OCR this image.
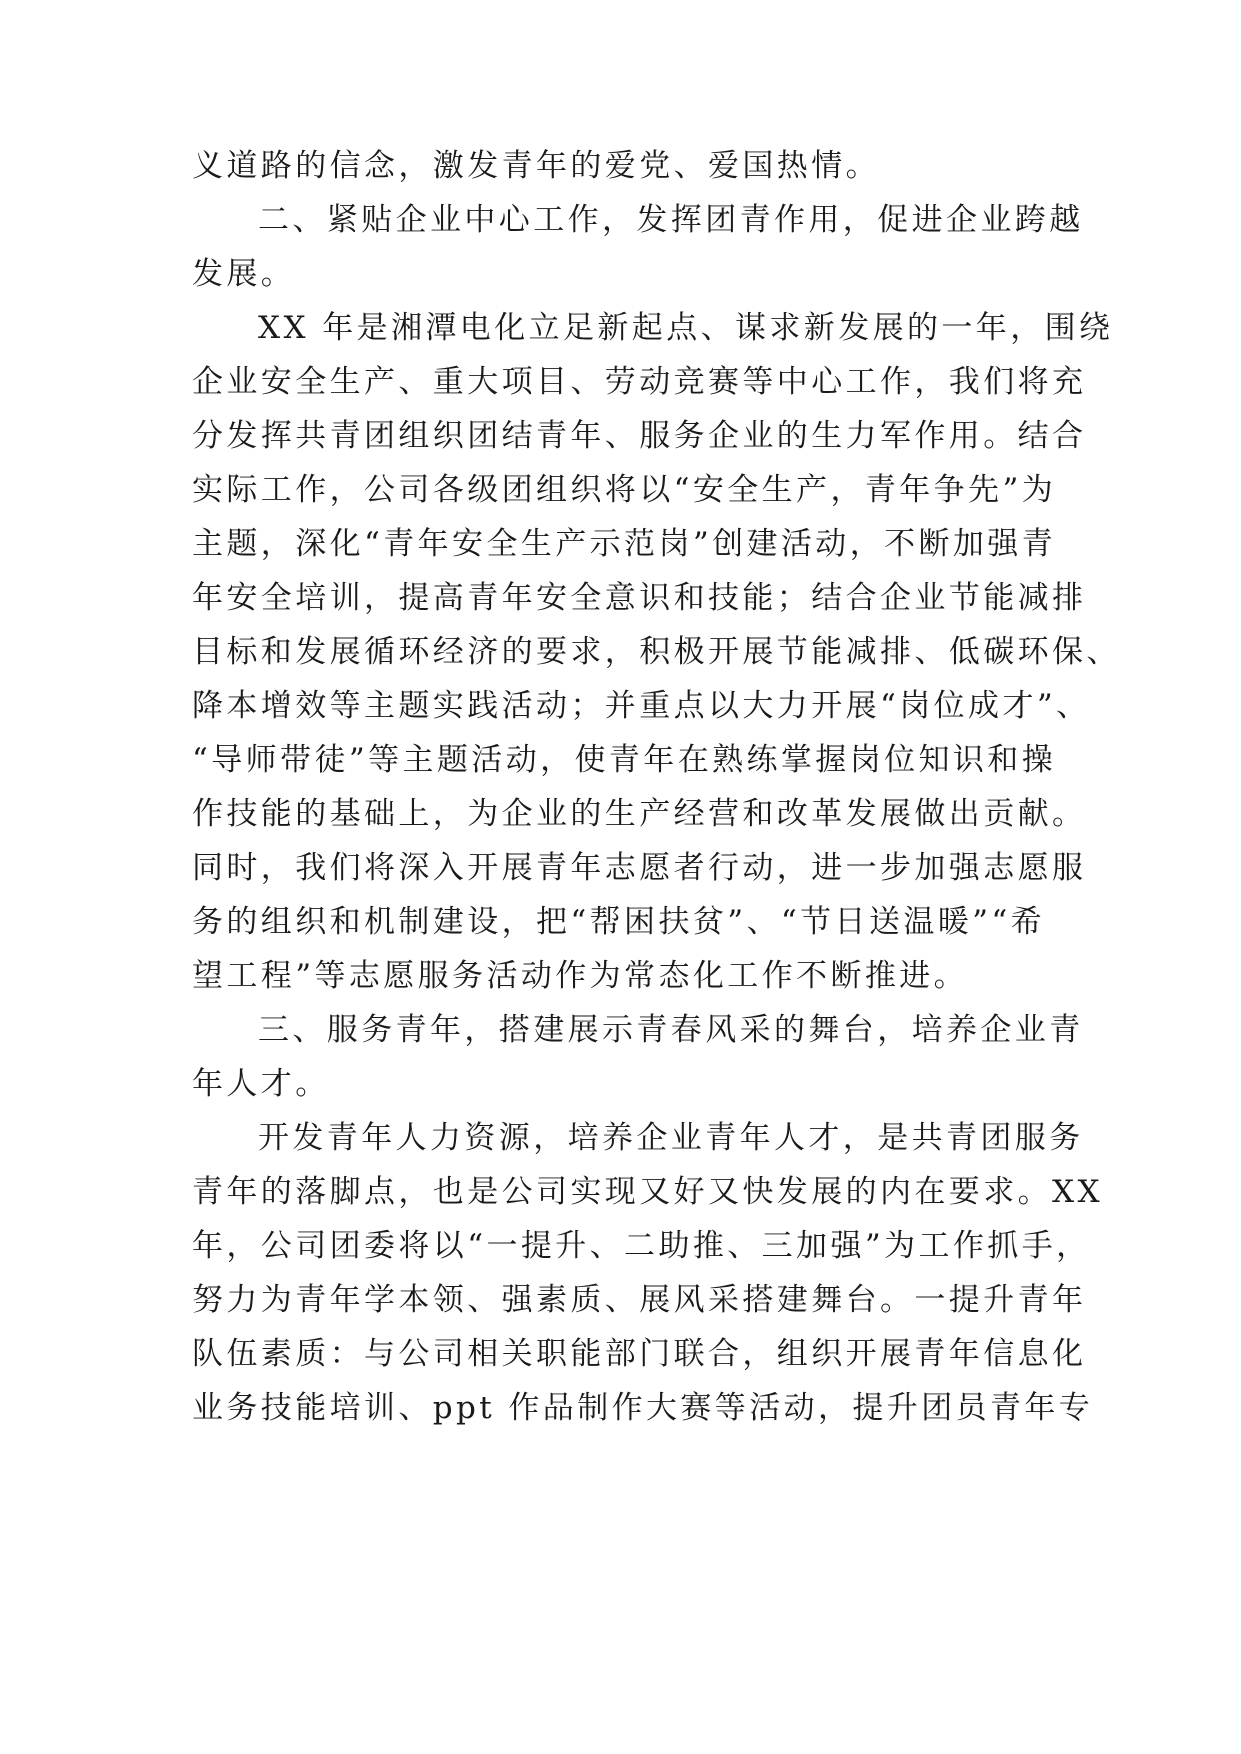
义道路的信念，激发青年的爱党、爱国热情。
二、紧贴企业中心工作，发挥团青作用，促进企业跨越
发展。
XX 年是湘潭电化立足新起点、谋求新发展的一年，围绕
企业安全生产、重大项目、劳动竞赛等中心工作，我们将充
分发挥共青团组织团结青年、服务企业的生力军作用。结合
实际工作，公司各级团组织将以“安全生产，青年争先”为
主题，深化“青年安全生产示范岗”创建活动，不断加强青
年安全培训，提高青年安全意识和技能；结合企业节能减排
目标和发展循环经济的要求，积极开展节能减排、低碳环保、
降本增效等主题实践活动；并重点以大力开展“岗位成才”、
“导师带徒”等主题活动，使青年在熟练掌握岗位知识和操
作技能的基础上，为企业的生产经营和改革发展做出贡献。
同时，我们将深入开展青年志愿者行动，进一步加强志愿服
务的组织和机制建设，把“帮困扶贫”、“节日送温暖”“希
望工程”等志愿服务活动作为常态化工作不断推进。
三、服务青年，搭建展示青春风采的舞台，培养企业青
年人才。
开发青年人力资源，培养企业青年人才，是共青团服务
青年的落脚点，也是公司实现又好又快发展的内在要求。XX
年，公司团委将以“一提升、二助推、三加强”为工作抓手，
努力为青年学本领、强素质、展风采搭建舞台。一提升青年
队伍素质：与公司相关职能部门联合，组织开展青年信息化
业务技能培训、ppt 作品制作大赛等活动，提升团员青年专
